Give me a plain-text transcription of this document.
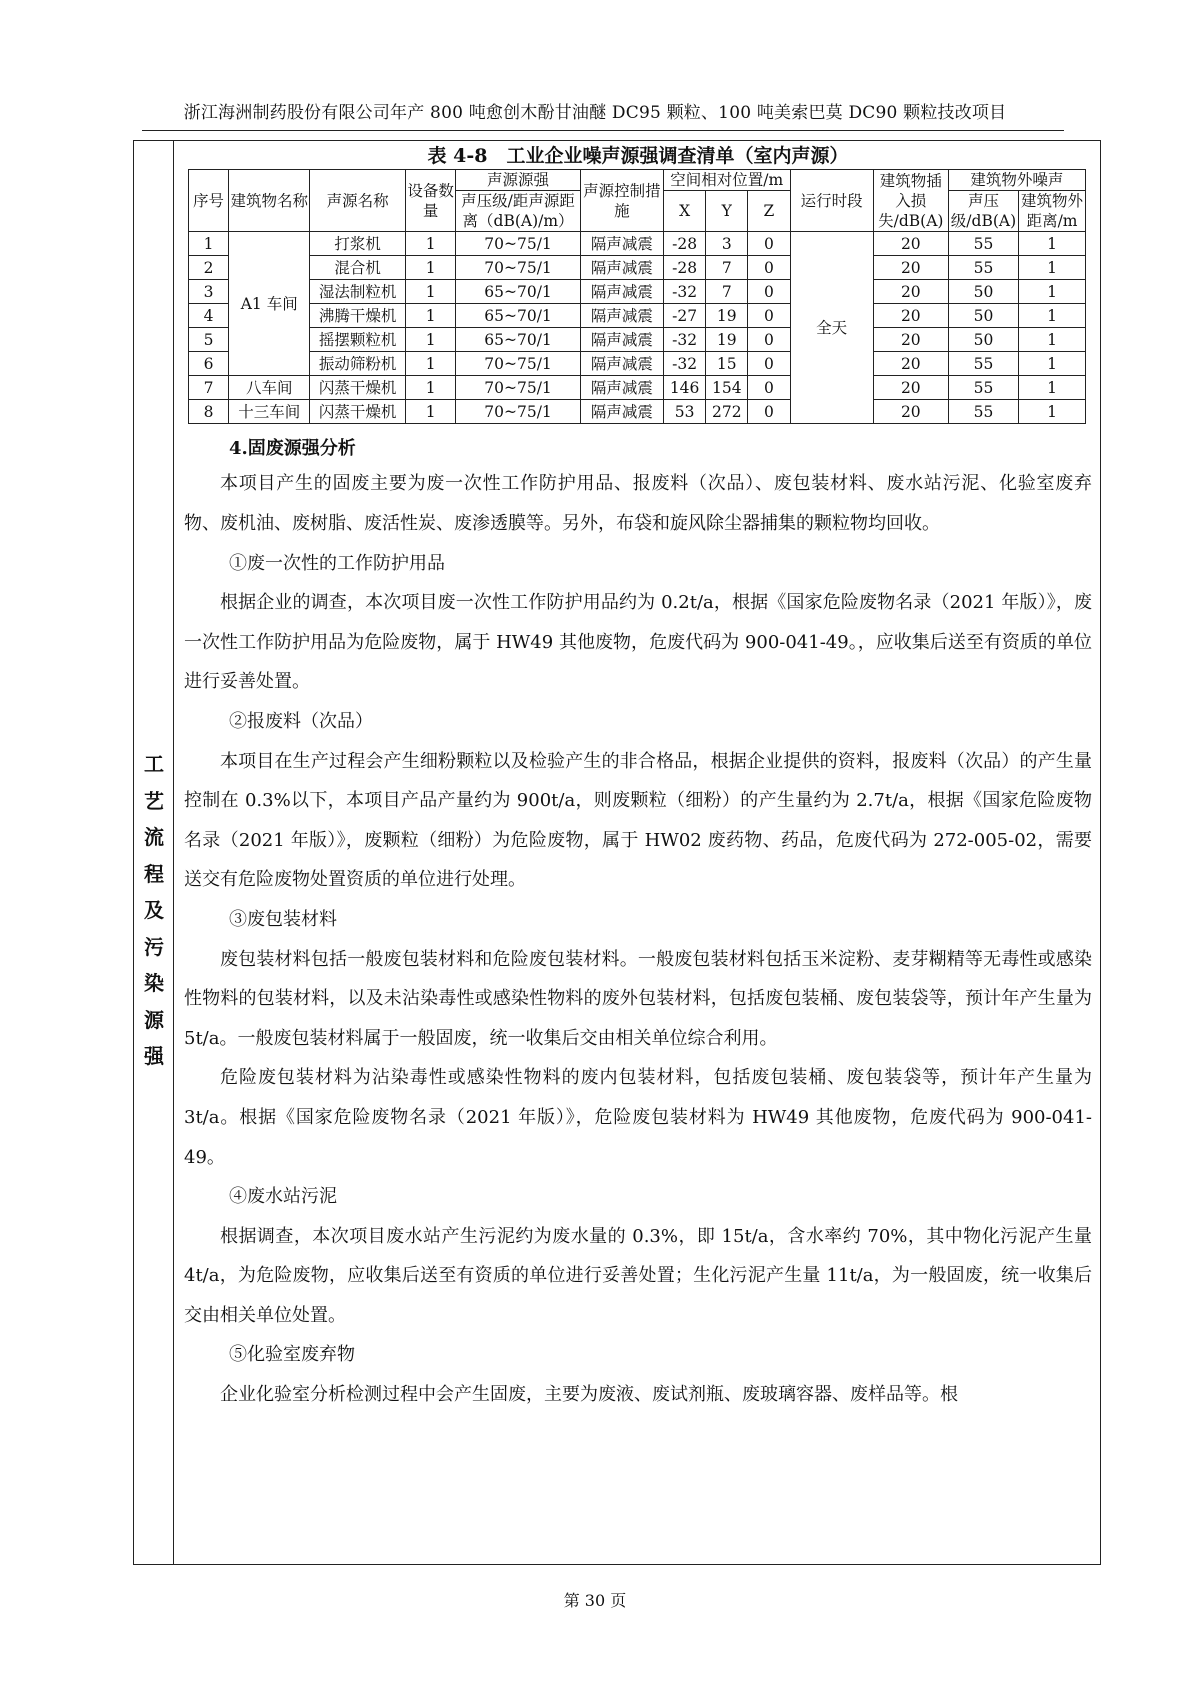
浙江海洲制药股份有限公司年产 800 吨愈创木酚甘油醚 DC95 颗粒、100 吨美索巴莫 DC90 颗粒技改项目
工
艺
流
程
及
污
染
源
强
表 4-8　工业企业噪声源强调查清单（室内声源）
序号	建筑物名称	声源名称	设备数量	声源源强	声源控制措施	空间相对位置/m			运行时段	建筑物插入损失/dB(A)	建筑物外噪声	
				声压级/距声源距离（dB(A)/m）		X	Y	Z			声压级/dB(A)	建筑物外距离/m
1	A1 车间	打浆机	1	70~75/1	隔声减震	-28	3	0	全天	20	55	1
2		混合机	1	70~75/1	隔声减震	-28	7	0		20	55	1
3		湿法制粒机	1	65~70/1	隔声减震	-32	7	0		20	50	1
4		沸腾干燥机	1	65~70/1	隔声减震	-27	19	0		20	50	1
5		摇摆颗粒机	1	65~70/1	隔声减震	-32	19	0		20	50	1
6		振动筛粉机	1	70~75/1	隔声减震	-32	15	0		20	55	1
7	八车间	闪蒸干燥机	1	70~75/1	隔声减震	146	154	0		20	55	1
8	十三车间	闪蒸干燥机	1	70~75/1	隔声减震	53	272	0		20	55	1
4.固废源强分析

本项目产生的固废主要为废一次性工作防护用品、报废料（次品）、废包装材料、废水站污泥、化验室废弃物、废机油、废树脂、废活性炭、废渗透膜等。另外，布袋和旋风除尘器捕集的颗粒物均回收。

①废一次性的工作防护用品

根据企业的调查，本次项目废一次性工作防护用品约为 0.2t/a，根据《国家危险废物名录（2021 年版）》，废一次性工作防护用品为危险废物，属于 HW49 其他废物，危废代码为 900-041-49。，应收集后送至有资质的单位进行妥善处置。

②报废料（次品）

本项目在生产过程会产生细粉颗粒以及检验产生的非合格品，根据企业提供的资料，报废料（次品）的产生量控制在 0.3%以下，本项目产品产量约为 900t/a，则废颗粒（细粉）的产生量约为 2.7t/a，根据《国家危险废物名录（2021 年版）》，废颗粒（细粉）为危险废物，属于 HW02 废药物、药品，危废代码为 272-005-02，需要送交有危险废物处置资质的单位进行处理。

③废包装材料

废包装材料包括一般废包装材料和危险废包装材料。一般废包装材料包括玉米淀粉、麦芽糊精等无毒性或感染性物料的包装材料，以及未沾染毒性或感染性物料的废外包装材料，包括废包装桶、废包装袋等，预计年产生量为 5t/a。一般废包装材料属于一般固废，统一收集后交由相关单位综合利用。

危险废包装材料为沾染毒性或感染性物料的废内包装材料，包括废包装桶、废包装袋等，预计年产生量为 3t/a。根据《国家危险废物名录（2021 年版）》，危险废包装材料为 HW49 其他废物，危废代码为 900-041-49。

④废水站污泥

根据调查，本次项目废水站产生污泥约为废水量的 0.3%，即 15t/a，含水率约 70%，其中物化污泥产生量 4t/a，为危险废物，应收集后送至有资质的单位进行妥善处置；生化污泥产生量 11t/a，为一般固废，统一收集后交由相关单位处置。

⑤化验室废弃物

企业化验室分析检测过程中会产生固废，主要为废液、废试剂瓶、废玻璃容器、废样品等。根

第 30 页
